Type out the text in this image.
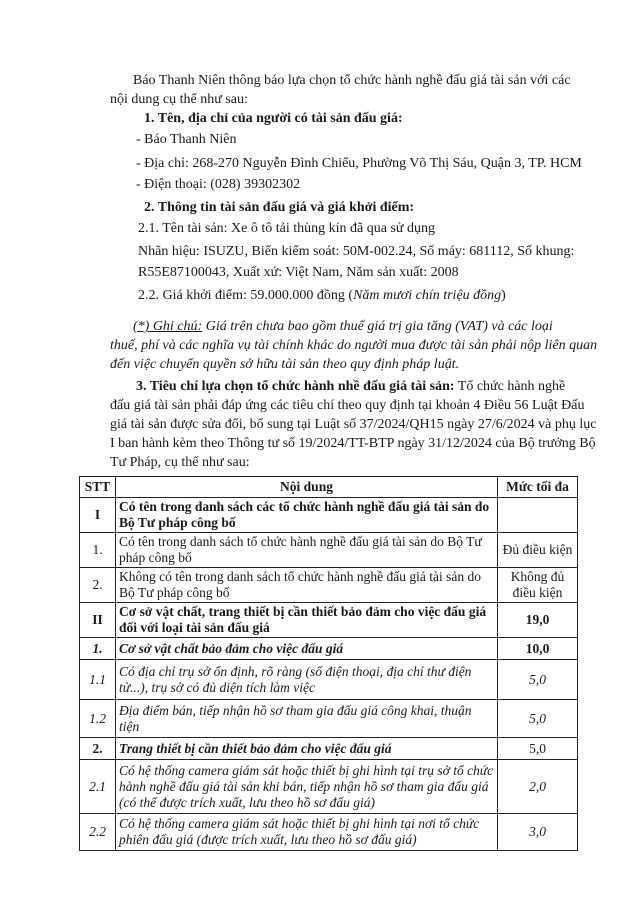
Báo Thanh Niên thông báo lựa chọn tổ chức hành nghề đấu giá tài sản với các
nội dung cụ thể như sau:
1. Tên, địa chỉ của người có tài sản đấu giá:
- Báo Thanh Niên
- Địa chỉ: 268-270 Nguyễn Đình Chiểu, Phường Võ Thị Sáu, Quận 3, TP. HCM
- Điện thoại: (028) 39302302
2. Thông tin tài sản đấu giá và giá khởi điểm:
2.1. Tên tài sản: Xe ô tô tải thùng kín đã qua sử dụng
Nhãn hiệu: ISUZU, Biển kiểm soát: 50M-002.24, Số máy: 681112, Số khung:
R55E87100043, Xuất xứ: Việt Nam, Năm sản xuất: 2008
2.2. Giá khởi điểm: 59.000.000 đồng (Năm mươi chín triệu đồng)
(*) Ghi chú: Giá trên chưa bao gồm thuế giá trị gia tăng (VAT) và các loại
thuế, phí và các nghĩa vụ tài chính khác do người mua được tài sản phải nộp liên quan
đến việc chuyển quyền sở hữu tài sản theo quy định pháp luật.
3. Tiêu chí lựa chọn tổ chức hành nhề đấu giá tài sản: Tổ chức hành nghề
đấu giá tài sản phải đáp ứng các tiêu chí theo quy định tại khoản 4 Điều 56 Luật Đấu
giá tài sản được sửa đổi, bổ sung tại Luật số 37/2024/QH15 ngày 27/6/2024 và phụ lục
I ban hành kèm theo Thông tư số 19/2024/TT-BTP ngày 31/12/2024 của Bộ trưởng Bộ
Tư Pháp, cụ thể như sau:
STT	Nội dung	Mức tối đa
I	Có tên trong danh sách các tổ chức hành nghề đấu giá tài sản do Bộ Tư pháp công bố	
1.	Có tên trong danh sách tổ chức hành nghề đấu giá tài sản do Bộ Tư pháp công bố	Đủ điều kiện
2.	Không có tên trong danh sách tổ chức hành nghề đấu giá tài sản do Bộ Tư pháp công bố	Không đủ điều kiện
II	Cơ sở vật chất, trang thiết bị cần thiết bảo đảm cho việc đấu giá đối với loại tài sản đấu giá	19,0
1.	Cơ sở vật chất bảo đảm cho việc đấu giá	10,0
1.1	Có địa chỉ trụ sở ổn định, rõ ràng (số điện thoại, địa chỉ thư điện tử...), trụ sở có đủ diện tích làm việc	5,0
1.2	Địa điểm bán, tiếp nhận hồ sơ tham gia đấu giá công khai, thuận tiện	5,0
2.	Trang thiết bị cần thiết bảo đảm cho việc đấu giá	5,0
2.1	Có hệ thống camera giám sát hoặc thiết bị ghi hình tại trụ sở tổ chức hành nghề đấu giá tài sản khi bán, tiếp nhận hồ sơ tham gia đấu giá (có thể được trích xuất, lưu theo hồ sơ đấu giá)	2,0
2.2	Có hệ thống camera giám sát hoặc thiết bị ghi hình tại nơi tổ chức phiên đấu giá (được trích xuất, lưu theo hồ sơ đấu giá)	3,0
